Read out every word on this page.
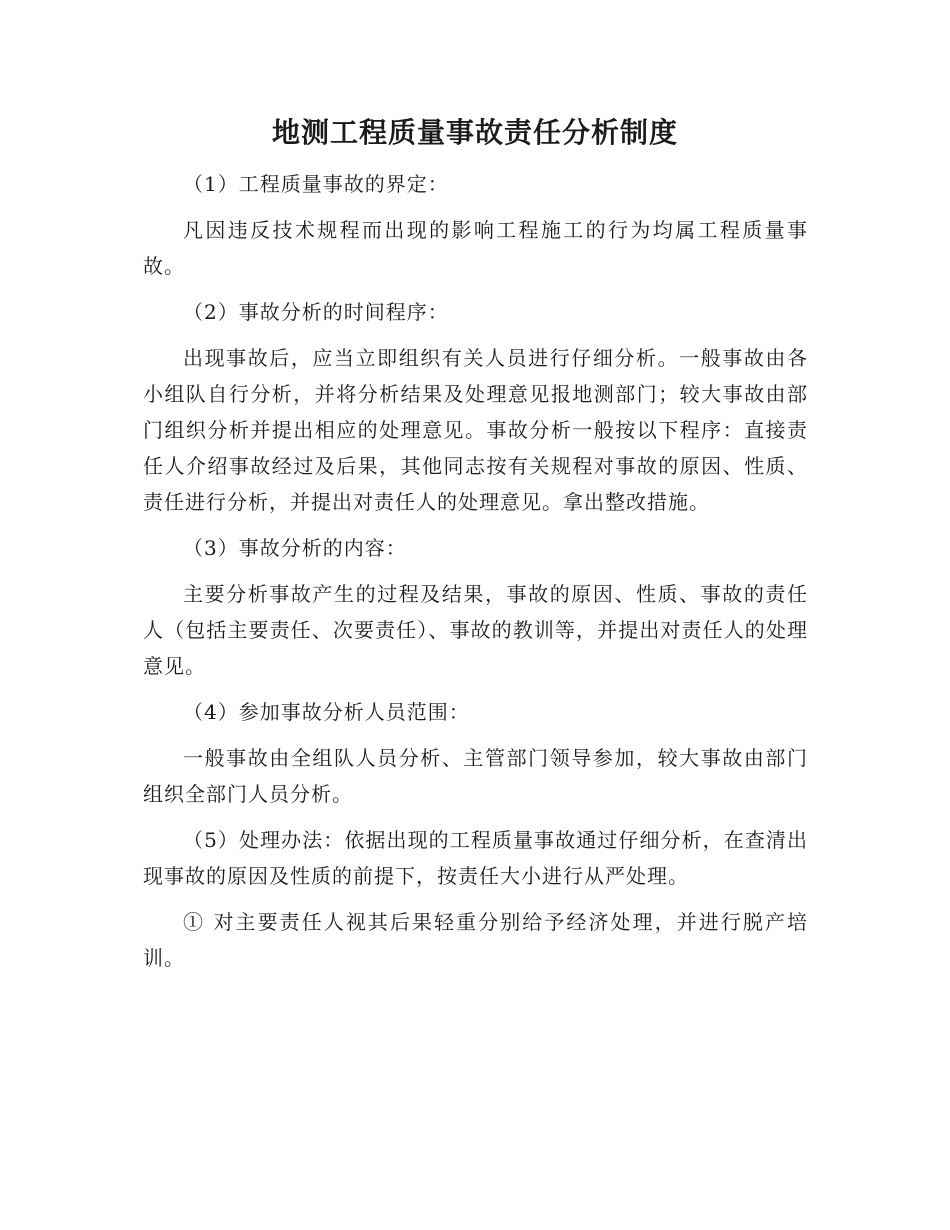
地测工程质量事故责任分析制度

（1）工程质量事故的界定：

凡因违反技术规程而出现的影响工程施工的行为均属工程质量事故。

（2）事故分析的时间程序：

出现事故后，应当立即组织有关人员进行仔细分析。一般事故由各小组队自行分析，并将分析结果及处理意见报地测部门；较大事故由部门组织分析并提出相应的处理意见。事故分析一般按以下程序：直接责任人介绍事故经过及后果，其他同志按有关规程对事故的原因、性质、责任进行分析，并提出对责任人的处理意见。拿出整改措施。

（3）事故分析的内容：

主要分析事故产生的过程及结果，事故的原因、性质、事故的责任人（包括主要责任、次要责任）、事故的教训等，并提出对责任人的处理意见。

（4）参加事故分析人员范围：

一般事故由全组队人员分析、主管部门领导参加，较大事故由部门组织全部门人员分析。

（5）处理办法：依据出现的工程质量事故通过仔细分析，在查清出现事故的原因及性质的前提下，按责任大小进行从严处理。

① 对主要责任人视其后果轻重分别给予经济处理，并进行脱产培训。
